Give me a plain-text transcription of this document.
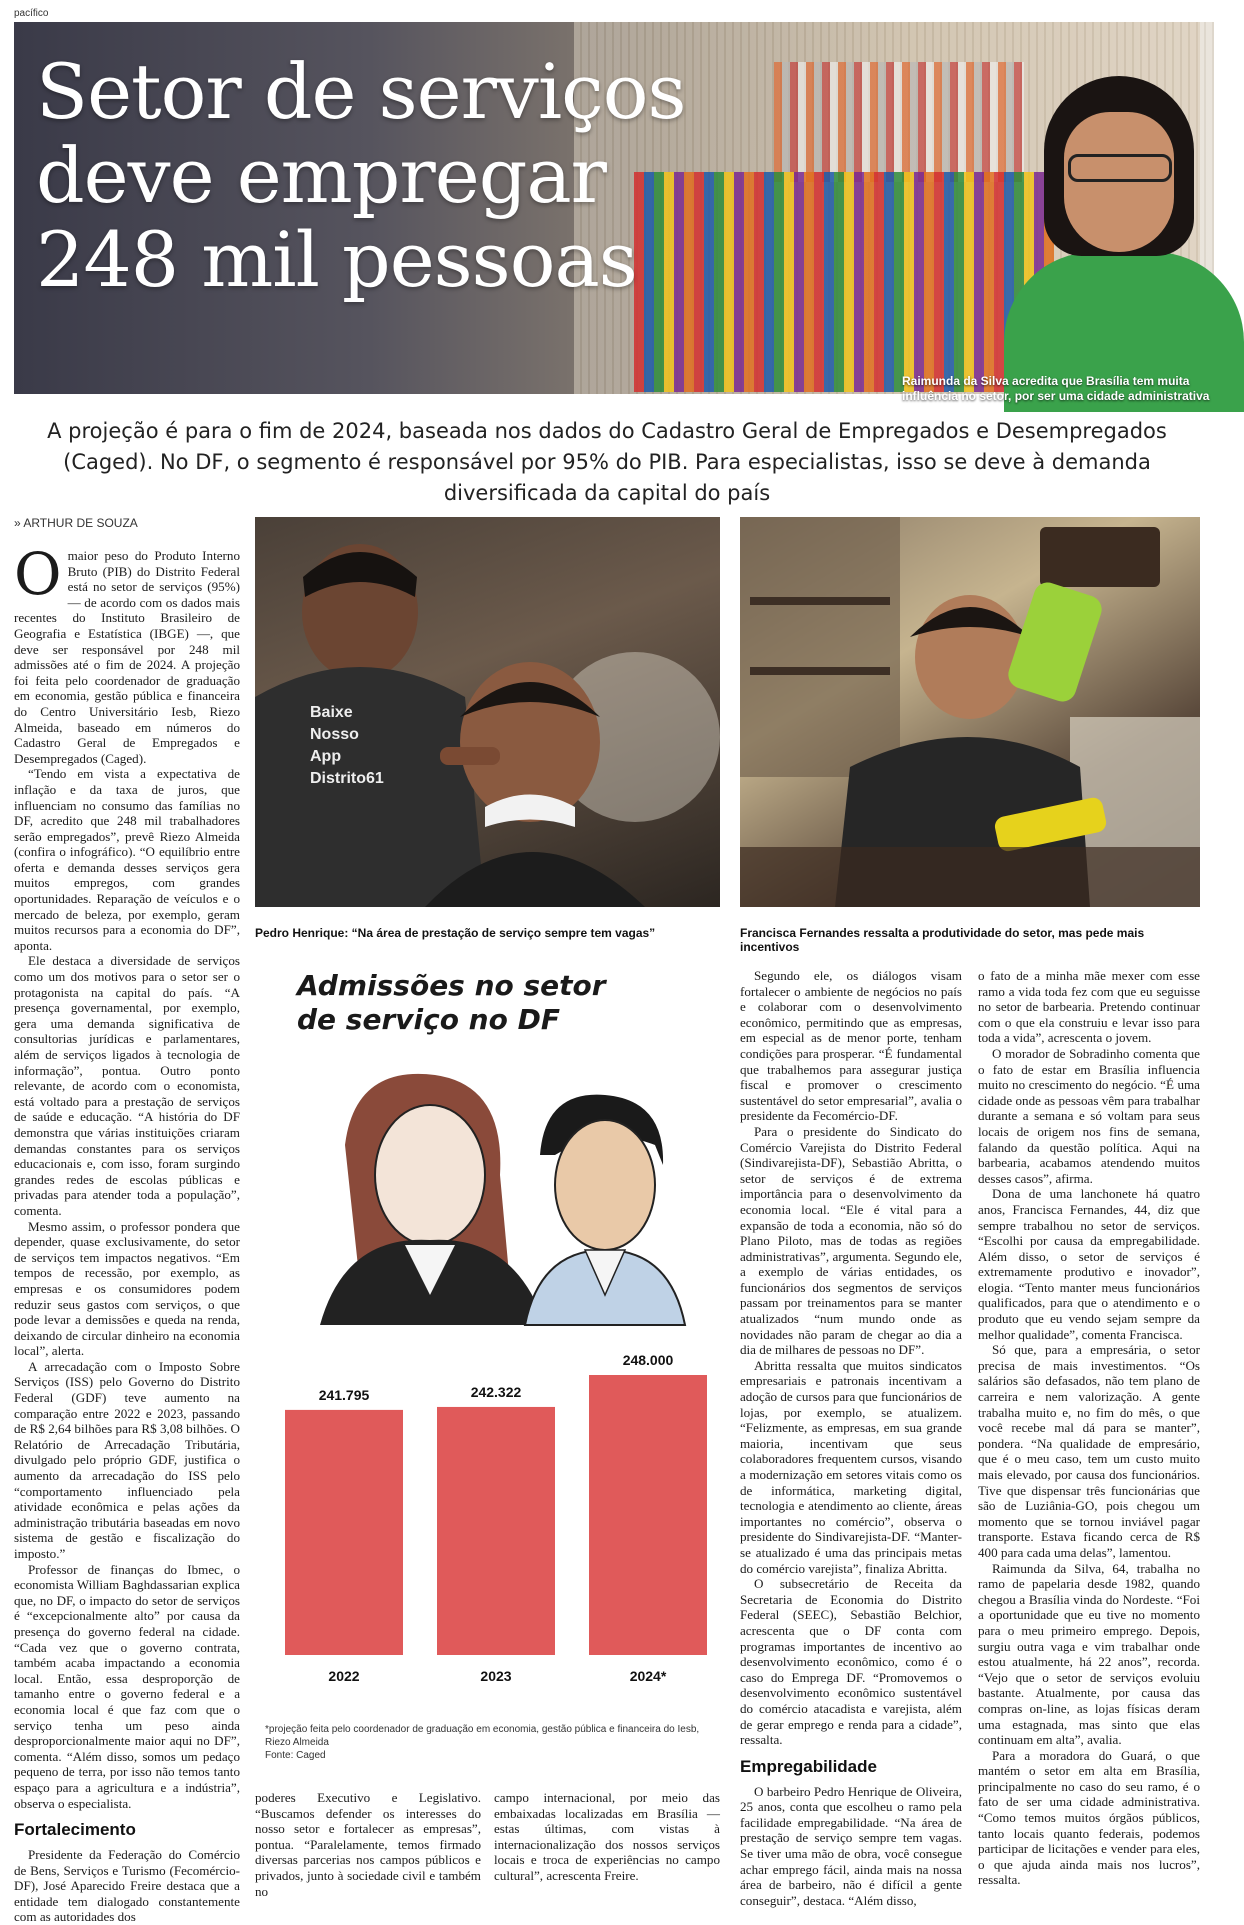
pacífico
Setor de serviços deve empregar 248 mil pessoas
Raimunda da Silva acredita que Brasília tem muita influência no setor, por ser uma cidade administrativa
A projeção é para o fim de 2024, baseada nos dados do Cadastro Geral de Empregados e Desempregados (Caged). No DF, o segmento é responsável por 95% do PIB. Para especialistas, isso se deve à demanda diversificada da capital do país
» ARTHUR DE SOUZA

O maior peso do Produto Interno Bruto (PIB) do Distrito Federal está no setor de serviços (95%) — de acordo com os dados mais recentes do Instituto Brasileiro de Geografia e Estatística (IBGE) —, que deve ser responsável por 248 mil admissões até o fim de 2024. A projeção foi feita pelo coordenador de graduação em economia, gestão pública e financeira do Centro Universitário Iesb, Riezo Almeida, baseado em números do Cadastro Geral de Empregados e Desempregados (Caged).

“Tendo em vista a expectativa de inflação e da taxa de juros, que influenciam no consumo das famílias no DF, acredito que 248 mil trabalhadores serão empregados”, prevê Riezo Almeida (confira o infográfico). “O equilíbrio entre oferta e demanda desses serviços gera muitos empregos, com grandes oportunidades. Reparação de veículos e o mercado de beleza, por exemplo, geram muitos recursos para a economia do DF”, aponta.

Ele destaca a diversidade de serviços como um dos motivos para o setor ser o protagonista na capital do país. “A presença governamental, por exemplo, gera uma demanda significativa de consultorias jurídicas e parlamentares, além de serviços ligados à tecnologia de informação”, pontua. Outro ponto relevante, de acordo com o economista, está voltado para a prestação de serviços de saúde e educação. “A história do DF demonstra que várias instituições criaram demandas constantes para os serviços educacionais e, com isso, foram surgindo grandes redes de escolas públicas e privadas para atender toda a população”, comenta.

Mesmo assim, o professor pondera que depender, quase exclusivamente, do setor de serviços tem impactos negativos. “Em tempos de recessão, por exemplo, as empresas e os consumidores podem reduzir seus gastos com serviços, o que pode levar a demissões e queda na renda, deixando de circular dinheiro na economia local”, alerta.

A arrecadação com o Imposto Sobre Serviços (ISS) pelo Governo do Distrito Federal (GDF) teve aumento na comparação entre 2022 e 2023, passando de R$ 2,64 bilhões para R$ 3,08 bilhões. O Relatório de Arrecadação Tributária, divulgado pelo próprio GDF, justifica o aumento da arrecadação do ISS pelo “comportamento influenciado pela atividade econômica e pelas ações da administração tributária baseadas em novo sistema de gestão e fiscalização do imposto.”

Professor de finanças do Ibmec, o economista William Baghdassarian explica que, no DF, o impacto do setor de serviços é “excepcionalmente alto” por causa da presença do governo federal na cidade. “Cada vez que o governo contrata, também acaba impactando a economia local. Então, essa desproporção de tamanho entre o governo federal e a economia local é que faz com que o serviço tenha um peso ainda desproporcionalmente maior aqui no DF”, comenta. “Além disso, somos um pedaço pequeno de terra, por isso não temos tanto espaço para a agricultura e a indústria”, observa o especialista.

Fortalecimento

Presidente da Federação do Comércio de Bens, Serviços e Turismo (Fecomércio-DF), José Aparecido Freire destaca que a entidade tem dialogado constantemente com as autoridades dos

Baixe
Nosso
App
Distrito61
Pedro Henrique: “Na área de prestação de serviço sempre tem vagas”	Francisca Fernandes ressalta a produtividade do setor, mas pede mais incentivos
Admissões no setor
de serviço no DF
241.795
2022
242.322
2023
248.000
2024*
*projeção feita pelo coordenador de graduação em economia, gestão pública e financeira do Iesb, Riezo Almeida
Fonte: Caged

poderes Executivo e Legislativo. “Buscamos defender os interesses do nosso setor e fortalecer as empresas”, pontua. “Paralelamente, temos firmado diversas parcerias nos campos públicos e privados, junto à sociedade civil e também no

campo internacional, por meio das embaixadas localizadas em Brasília — estas últimas, com vistas à internacionalização dos nossos serviços locais e troca de experiências no campo cultural”, acrescenta Freire.

Segundo ele, os diálogos visam fortalecer o ambiente de negócios no país e colaborar com o desenvolvimento econômico, permitindo que as empresas, em especial as de menor porte, tenham condições para prosperar. “É fundamental que trabalhemos para assegurar justiça fiscal e promover o crescimento sustentável do setor empresarial”, avalia o presidente da Fecomércio-DF.

Para o presidente do Sindicato do Comércio Varejista do Distrito Federal (Sindivarejista-DF), Sebastião Abritta, o setor de serviços é de extrema importância para o desenvolvimento da economia local. “Ele é vital para a expansão de toda a economia, não só do Plano Piloto, mas de todas as regiões administrativas”, argumenta. Segundo ele, a exemplo de várias entidades, os funcionários dos segmentos de serviços passam por treinamentos para se manter atualizados “num mundo onde as novidades não param de chegar ao dia a dia de milhares de pessoas no DF”.

Abritta ressalta que muitos sindicatos empresariais e patronais incentivam a adoção de cursos para que funcionários de lojas, por exemplo, se atualizem. “Felizmente, as empresas, em sua grande maioria, incentivam que seus colaboradores frequentem cursos, visando a modernização em setores vitais como os de informática, marketing digital, tecnologia e atendimento ao cliente, áreas importantes no comércio”, observa o presidente do Sindivarejista-DF. “Manter-se atualizado é uma das principais metas do comércio varejista”, finaliza Abritta.

O subsecretário de Receita da Secretaria de Economia do Distrito Federal (SEEC), Sebastião Belchior, acrescenta que o DF conta com programas importantes de incentivo ao desenvolvimento econômico, como é o caso do Emprega DF. “Promovemos o desenvolvimento econômico sustentável do comércio atacadista e varejista, além de gerar emprego e renda para a cidade”, ressalta.

Empregabilidade

O barbeiro Pedro Henrique de Oliveira, 25 anos, conta que escolheu o ramo pela facilidade empregabilidade. “Na área de prestação de serviço sempre tem vagas. Se tiver uma mão de obra, você consegue achar emprego fácil, ainda mais na nossa área de barbeiro, não é difícil a gente conseguir”, destaca. “Além disso,

o fato de a minha mãe mexer com esse ramo a vida toda fez com que eu seguisse no setor de barbearia. Pretendo continuar com o que ela construiu e levar isso para toda a vida”, acrescenta o jovem.

O morador de Sobradinho comenta que o fato de estar em Brasília influencia muito no crescimento do negócio. “É uma cidade onde as pessoas vêm para trabalhar durante a semana e só voltam para seus locais de origem nos fins de semana, falando da questão política. Aqui na barbearia, acabamos atendendo muitos desses casos”, afirma.

Dona de uma lanchonete há quatro anos, Francisca Fernandes, 44, diz que sempre trabalhou no setor de serviços. “Escolhi por causa da empregabilidade. Além disso, o setor de serviços é extremamente produtivo e inovador”, elogia. “Tento manter meus funcionários qualificados, para que o atendimento e o produto que eu vendo sejam sempre da melhor qualidade”, comenta Francisca.

Só que, para a empresária, o setor precisa de mais investimentos. “Os salários são defasados, não tem plano de carreira e nem valorização. A gente trabalha muito e, no fim do mês, o que você recebe mal dá para se manter”, pondera. “Na qualidade de empresário, que é o meu caso, tem um custo muito mais elevado, por causa dos funcionários. Tive que dispensar três funcionárias que são de Luziânia-GO, pois chegou um momento que se tornou inviável pagar transporte. Estava ficando cerca de R$ 400 para cada uma delas”, lamentou.

Raimunda da Silva, 64, trabalha no ramo de papelaria desde 1982, quando chegou a Brasília vinda do Nordeste. “Foi a oportunidade que eu tive no momento para o meu primeiro emprego. Depois, surgiu outra vaga e vim trabalhar onde estou atualmente, há 22 anos”, recorda. “Vejo que o setor de serviços evoluiu bastante. Atualmente, por causa das compras on-line, as lojas físicas deram uma estagnada, mas sinto que elas continuam em alta”, avalia.

Para a moradora do Guará, o que mantém o setor em alta em Brasília, principalmente no caso do seu ramo, é o fato de ser uma cidade administrativa. “Como temos muitos órgãos públicos, tanto locais quanto federais, podemos participar de licitações e vender para eles, o que ajuda ainda mais nos lucros”, ressalta.
